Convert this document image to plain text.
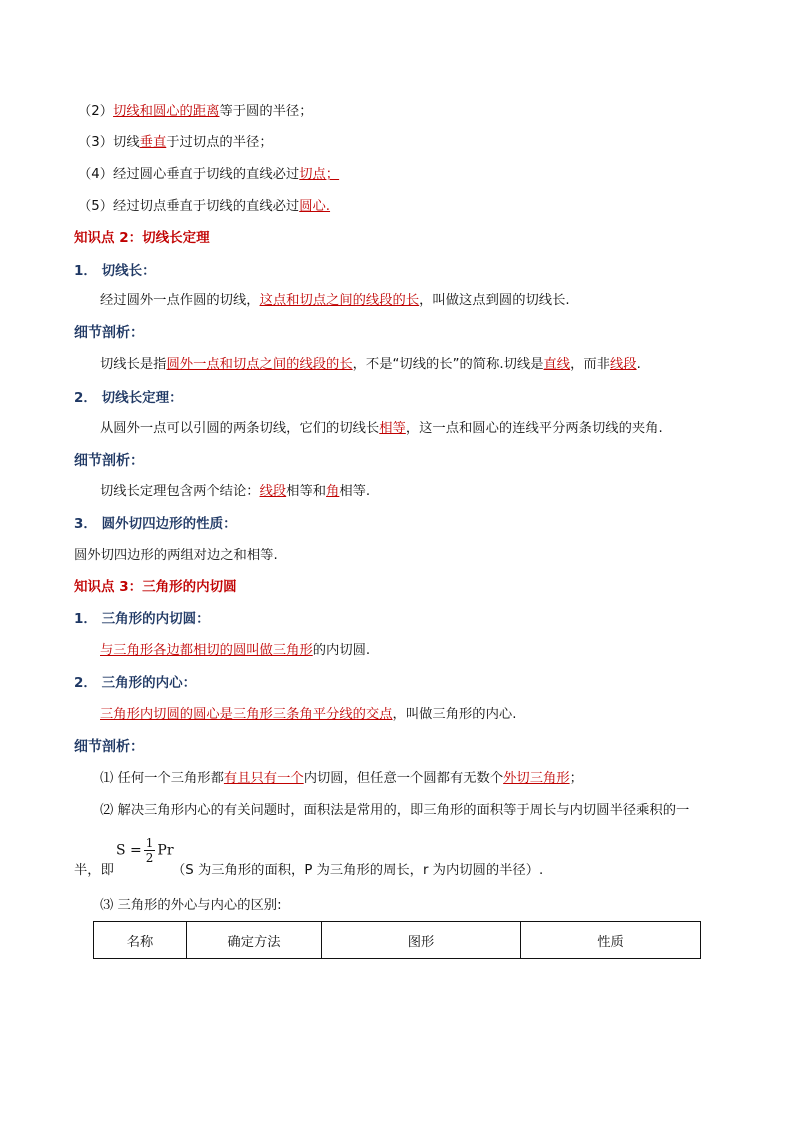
（2）切线和圆心的距离等于圆的半径；
（3）切线垂直于过切点的半径；
（4）经过圆心垂直于切线的直线必过切点；
（5）经过切点垂直于切线的直线必过圆心.
知识点 2：切线长定理
1． 切线长：
经过圆外一点作圆的切线，这点和切点之间的线段的长，叫做这点到圆的切线长.
细节剖析：
切线长是指圆外一点和切点之间的线段的长，不是“切线的长”的简称.切线是直线，而非线段.
2． 切线长定理：
从圆外一点可以引圆的两条切线，它们的切线长相等，这一点和圆心的连线平分两条切线的夹角.
细节剖析：
切线长定理包含两个结论：线段相等和角相等.
3． 圆外切四边形的性质：
圆外切四边形的两组对边之和相等.
知识点 3：三角形的内切圆
1． 三角形的内切圆：
与三角形各边都相切的圆叫做三角形的内切圆.
2． 三角形的内心：
三角形内切圆的圆心是三角形三条角平分线的交点，叫做三角形的内心.
细节剖析：
⑴ 任何一个三角形都有且只有一个内切圆，但任意一个圆都有无数个外切三角形；
⑵ 解决三角形内心的有关问题时，面积法是常用的，即三角形的面积等于周长与内切圆半径乘积的一
$S = \frac{1}{2}$ Pr
半，即	（S 为三角形的面积，P 为三角形的周长，r 为内切圆的半径）.
⑶ 三角形的外心与内心的区别:
名称	确定方法	图形	性质
